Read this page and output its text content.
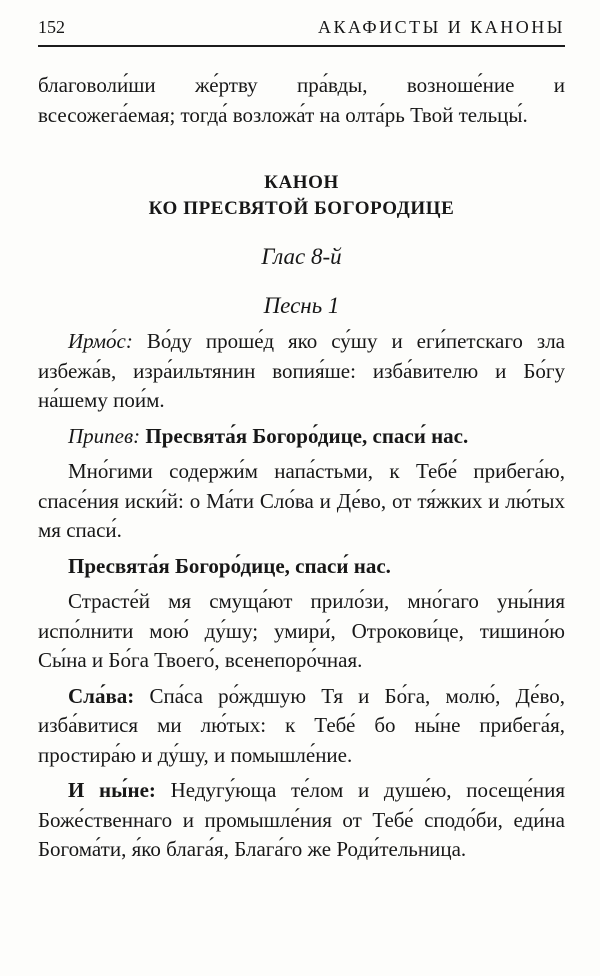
152	АКАФИСТЫ И КАНОНЫ

благоволи́ши же́ртву пра́вды, возноше́ние и всесожега́емая; тогда́ возложа́т на олта́рь Твой тельцы́.

КАНОН
КО ПРЕСВЯТОЙ БОГОРОДИЦЕ
Глас 8-й
Песнь 1

Ирмо́с: Во́ду проше́д яко су́шу и еги́петскаго зла избежа́в, изра́ильтянин вопия́ше: изба́вителю и Бо́гу на́шему пои́м.

Припев: Пресвята́я Богоро́дице, спаси́ нас.

Мно́гими содержи́м напа́стьми, к Тебе́ прибега́ю, спасе́ния иски́й: о Ма́ти Сло́ва и Де́во, от тя́жких и лю́тых мя спаси́.

Пресвята́я Богоро́дице, спаси́ нас.

Страсте́й мя смуща́ют прило́зи, мно́гаго уны́ния испо́лнити мою́ ду́шу; умири́, Отрокови́це, тишино́ю Сы́на и Бо́га Твоего́, всенепоро́чная.

Сла́ва: Спа́са ро́ждшую Тя и Бо́га, молю́, Де́во, изба́витися ми лю́тых: к Тебе́ бо ны́не прибега́я, простира́ю и ду́шу, и помышле́ние.

И ны́не: Недугу́юща те́лом и душе́ю, посеще́ния Боже́ственнаго и промышле́ния от Тебе́ сподо́би, еди́на Богома́ти, я́ко блага́я, Блага́го же Роди́тельница.
